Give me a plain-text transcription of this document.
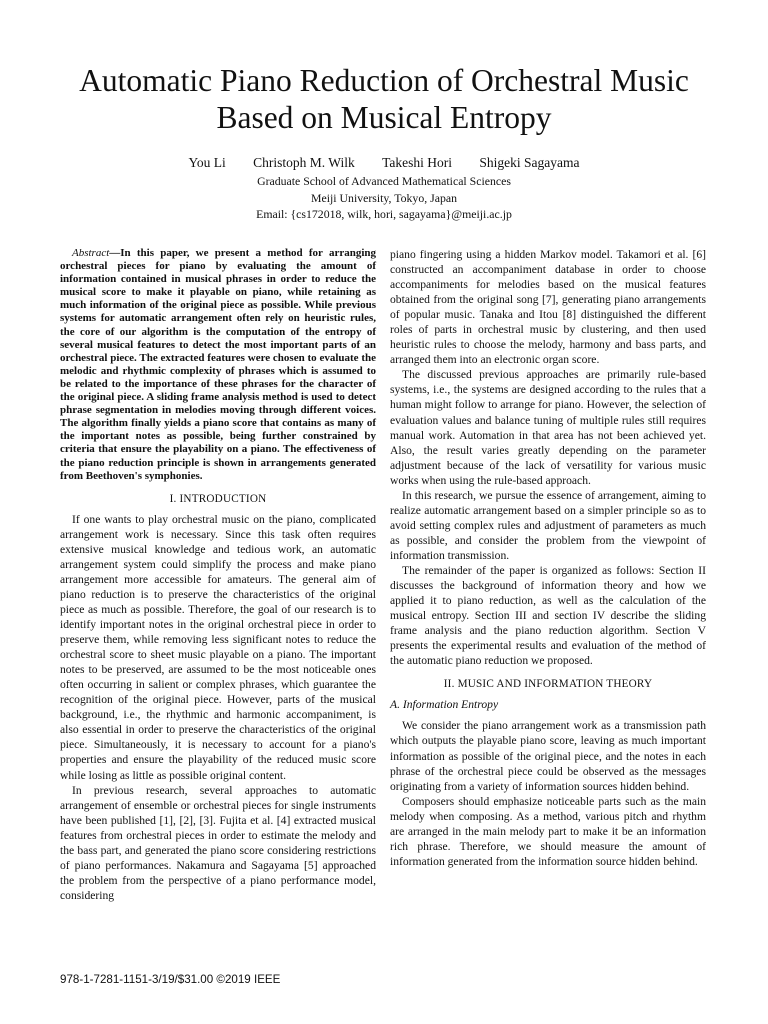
Automatic Piano Reduction of Orchestral Music Based on Musical Entropy
You Li Christoph M. Wilk Takeshi Hori Shigeki Sagayama
Graduate School of Advanced Mathematical Sciences
Meiji University, Tokyo, Japan
Email: {cs172018, wilk, hori, sagayama}@meiji.ac.jp

Abstract—In this paper, we present a method for arranging orchestral pieces for piano by evaluating the amount of information contained in musical phrases in order to reduce the musical score to make it playable on piano, while retaining as much information of the original piece as possible. While previous systems for automatic arrangement often rely on heuristic rules, the core of our algorithm is the computation of the entropy of several musical features to detect the most important parts of an orchestral piece. The extracted features were chosen to evaluate the melodic and rhythmic complexity of phrases which is assumed to be related to the importance of these phrases for the character of the original piece. A sliding frame analysis method is used to detect phrase segmentation in melodies moving through different voices. The algorithm finally yields a piano score that contains as many of the important notes as possible, being further constrained by criteria that ensure the playability on a piano. The effectiveness of the piano reduction principle is shown in arrangements generated from Beethoven's symphonies.

I. INTRODUCTION

If one wants to play orchestral music on the piano, complicated arrangement work is necessary. Since this task often requires extensive musical knowledge and tedious work, an automatic arrangement system could simplify the process and make piano arrangement more accessible for amateurs. The general aim of piano reduction is to preserve the characteristics of the original piece as much as possible. Therefore, the goal of our research is to identify important notes in the original orchestral piece in order to preserve them, while removing less significant notes to reduce the orchestral score to sheet music playable on a piano. The important notes to be preserved, are assumed to be the most noticeable ones often occurring in salient or complex phrases, which guarantee the recognition of the original piece. However, parts of the musical background, i.e., the rhythmic and harmonic accompaniment, is also essential in order to preserve the characteristics of the original piece. Simultaneously, it is necessary to account for a piano's properties and ensure the playability of the reduced music score while losing as little as possible original content.

In previous research, several approaches to automatic arrangement of ensemble or orchestral pieces for single instruments have been published [1], [2], [3]. Fujita et al. [4] extracted musical features from orchestral pieces in order to estimate the melody and the bass part, and generated the piano score considering restrictions of piano performances. Nakamura and Sagayama [5] approached the problem from the perspective of a piano performance model, considering

piano fingering using a hidden Markov model. Takamori et al. [6] constructed an accompaniment database in order to choose accompaniments for melodies based on the musical features obtained from the original song [7], generating piano arrangements of popular music. Tanaka and Itou [8] distinguished the different roles of parts in orchestral music by clustering, and then used heuristic rules to choose the melody, harmony and bass parts, and arranged them into an electronic organ score.

The discussed previous approaches are primarily rule-based systems, i.e., the systems are designed according to the rules that a human might follow to arrange for piano. However, the selection of evaluation values and balance tuning of multiple rules still requires manual work. Automation in that area has not been achieved yet. Also, the result varies greatly depending on the parameter adjustment because of the lack of versatility for various music works when using the rule-based approach.

In this research, we pursue the essence of arrangement, aiming to realize automatic arrangement based on a simpler principle so as to avoid setting complex rules and adjustment of parameters as much as possible, and consider the problem from the viewpoint of information transmission.

The remainder of the paper is organized as follows: Section II discusses the background of information theory and how we applied it to piano reduction, as well as the calculation of the musical entropy. Section III and section IV describe the sliding frame analysis and the piano reduction algorithm. Section V presents the experimental results and evaluation of the method of the automatic piano reduction we proposed.

II. MUSIC AND INFORMATION THEORY
A. Information Entropy

We consider the piano arrangement work as a transmission path which outputs the playable piano score, leaving as much important information as possible of the original piece, and the notes in each phrase of the orchestral piece could be observed as the messages originating from a variety of information sources hidden behind.

Composers should emphasize noticeable parts such as the main melody when composing. As a method, various pitch and rhythm are arranged in the main melody part to make it be an information rich phrase. Therefore, we should measure the amount of information generated from the information source hidden behind.

978-1-7281-1151-3/19/$31.00 ©2019 IEEE
